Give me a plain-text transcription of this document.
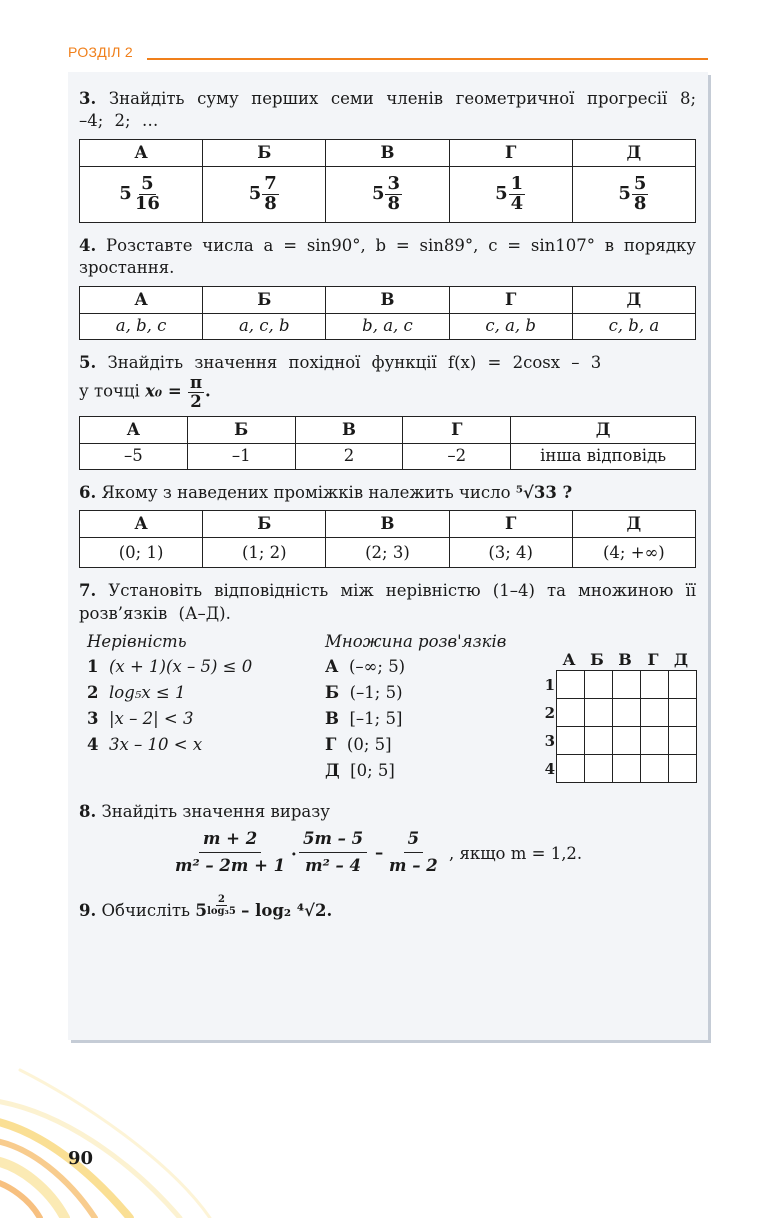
РОЗДІЛ 2

3. Знайдіть суму перших семи членів геометричної прогресії 8; –4; 2; …

А	Б	В	Г	Д
$5 \frac{5}{16}$	$5 \frac{7}{8}$	$5 \frac{3}{8}$	$5 \frac{1}{4}$	$5 \frac{5}{8}$

4. Розставте числа a = sin90°, b = sin89°, c = sin107° в порядку зростання.

А	Б	В	Г	Д
a, b, c	a, c, b	b, a, c	c, a, b	c, b, a

5. Знайдіть значення похідної функції f(x) = 2cosx – 3

у точці $x_0 = \frac{\pi}{2}$ .

А	Б	В	Г	Д
–5	–1	2	–2	інша відповідь

6. Якому з наведених проміжків належить число ⁵√33 ?

А	Б	В	Г	Д
(0; 1)	(1; 2)	(2; 3)	(3; 4)	(4; +∞)

7. Установіть відповідність між нерівністю (1–4) та множиною її розв’язків (А–Д).

Нерівність
1 (x + 1)(x – 5) ≤ 0
2 log₅x ≤ 1
3 |x – 2| < 3
4 3x – 10 < x
Множина розв'язків
А (–∞; 5)
Б (–1; 5)
В [–1; 5]
Г (0; 5]
Д [0; 5]
А Б В Г Д
1
2
3
4

8. Знайдіть значення виразу

$\frac{m + 2}{\text{m² – 2m + 1}} \cdot \frac{5m - 5}{\text{m² – 4}} - \frac{5}{m - 2}$ , якщо m = 1,2.

9. Обчисліть 5 $^{\frac{2}{\text{log₃5}}}$ – log₂ ⁴√2.

90
